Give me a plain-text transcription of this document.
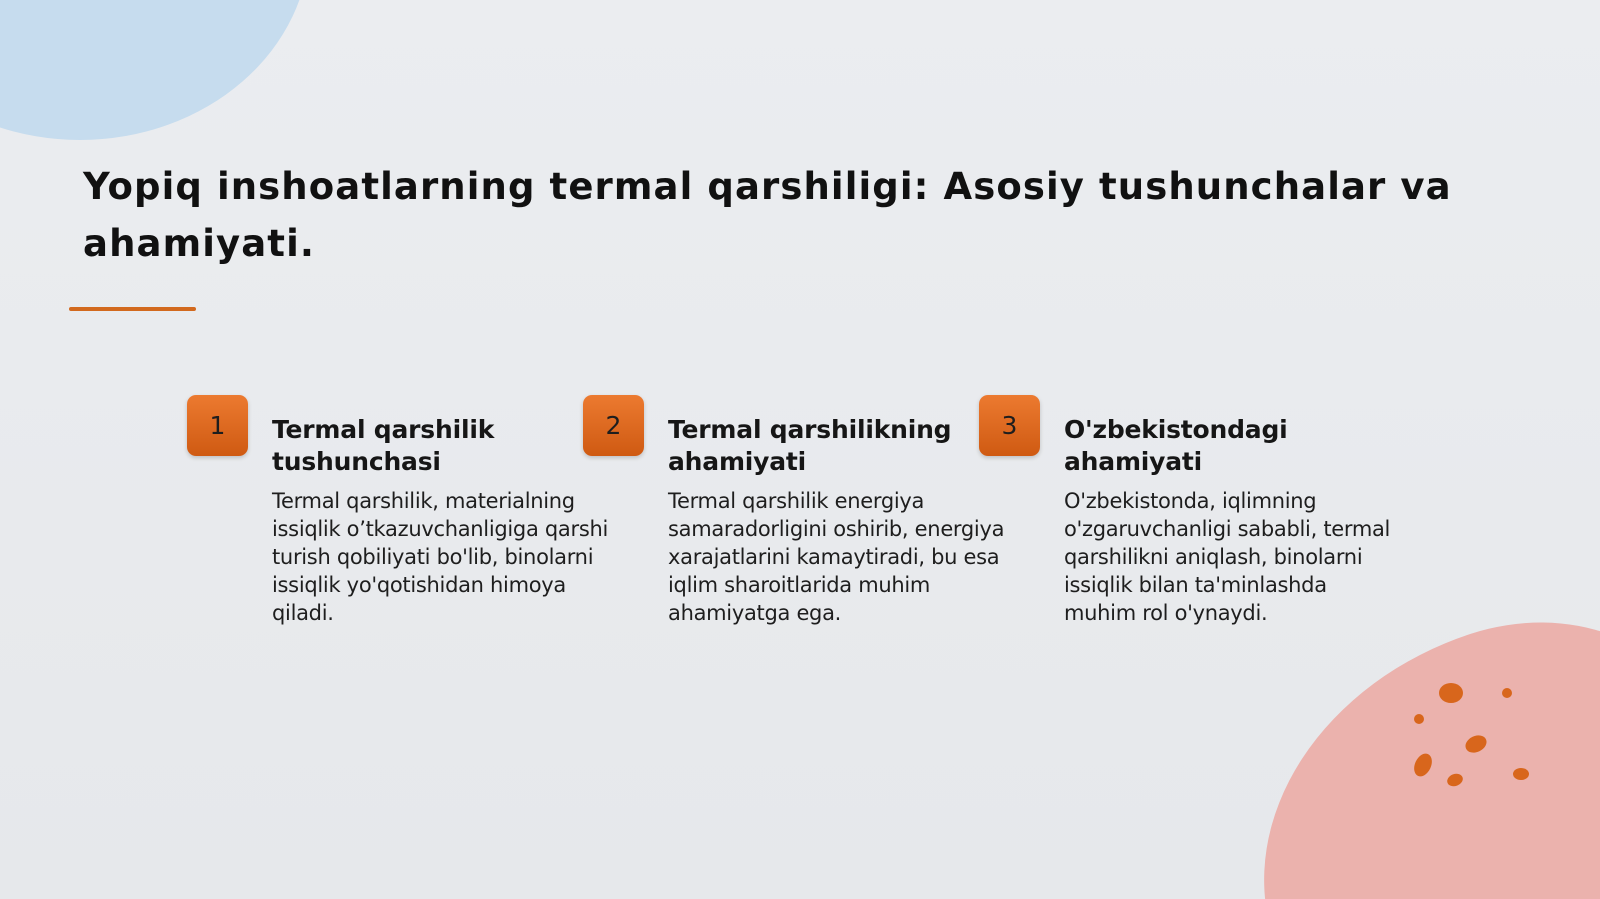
Yopiq inshoatlarning termal qarshiligi: Asosiy tushunchalar va ahamiyati.
1	Termal qarshilik tushunchasi

Termal qarshilik, materialning issiqlik o’tkazuvchanligiga qarshi turish qobiliyati bo'lib, binolarni issiqlik yo'qotishidan himoya qiladi.

2	Termal qarshilikning ahamiyati

Termal qarshilik energiya samaradorligini oshirib, energiya xarajatlarini kamaytiradi, bu esa iqlim sharoitlarida muhim ahamiyatga ega.

3	O'zbekistondagi ahamiyati

O'zbekistonda, iqlimning o'zgaruvchanligi sababli, termal qarshilikni aniqlash, binolarni issiqlik bilan ta'minlashda muhim rol o'ynaydi.
